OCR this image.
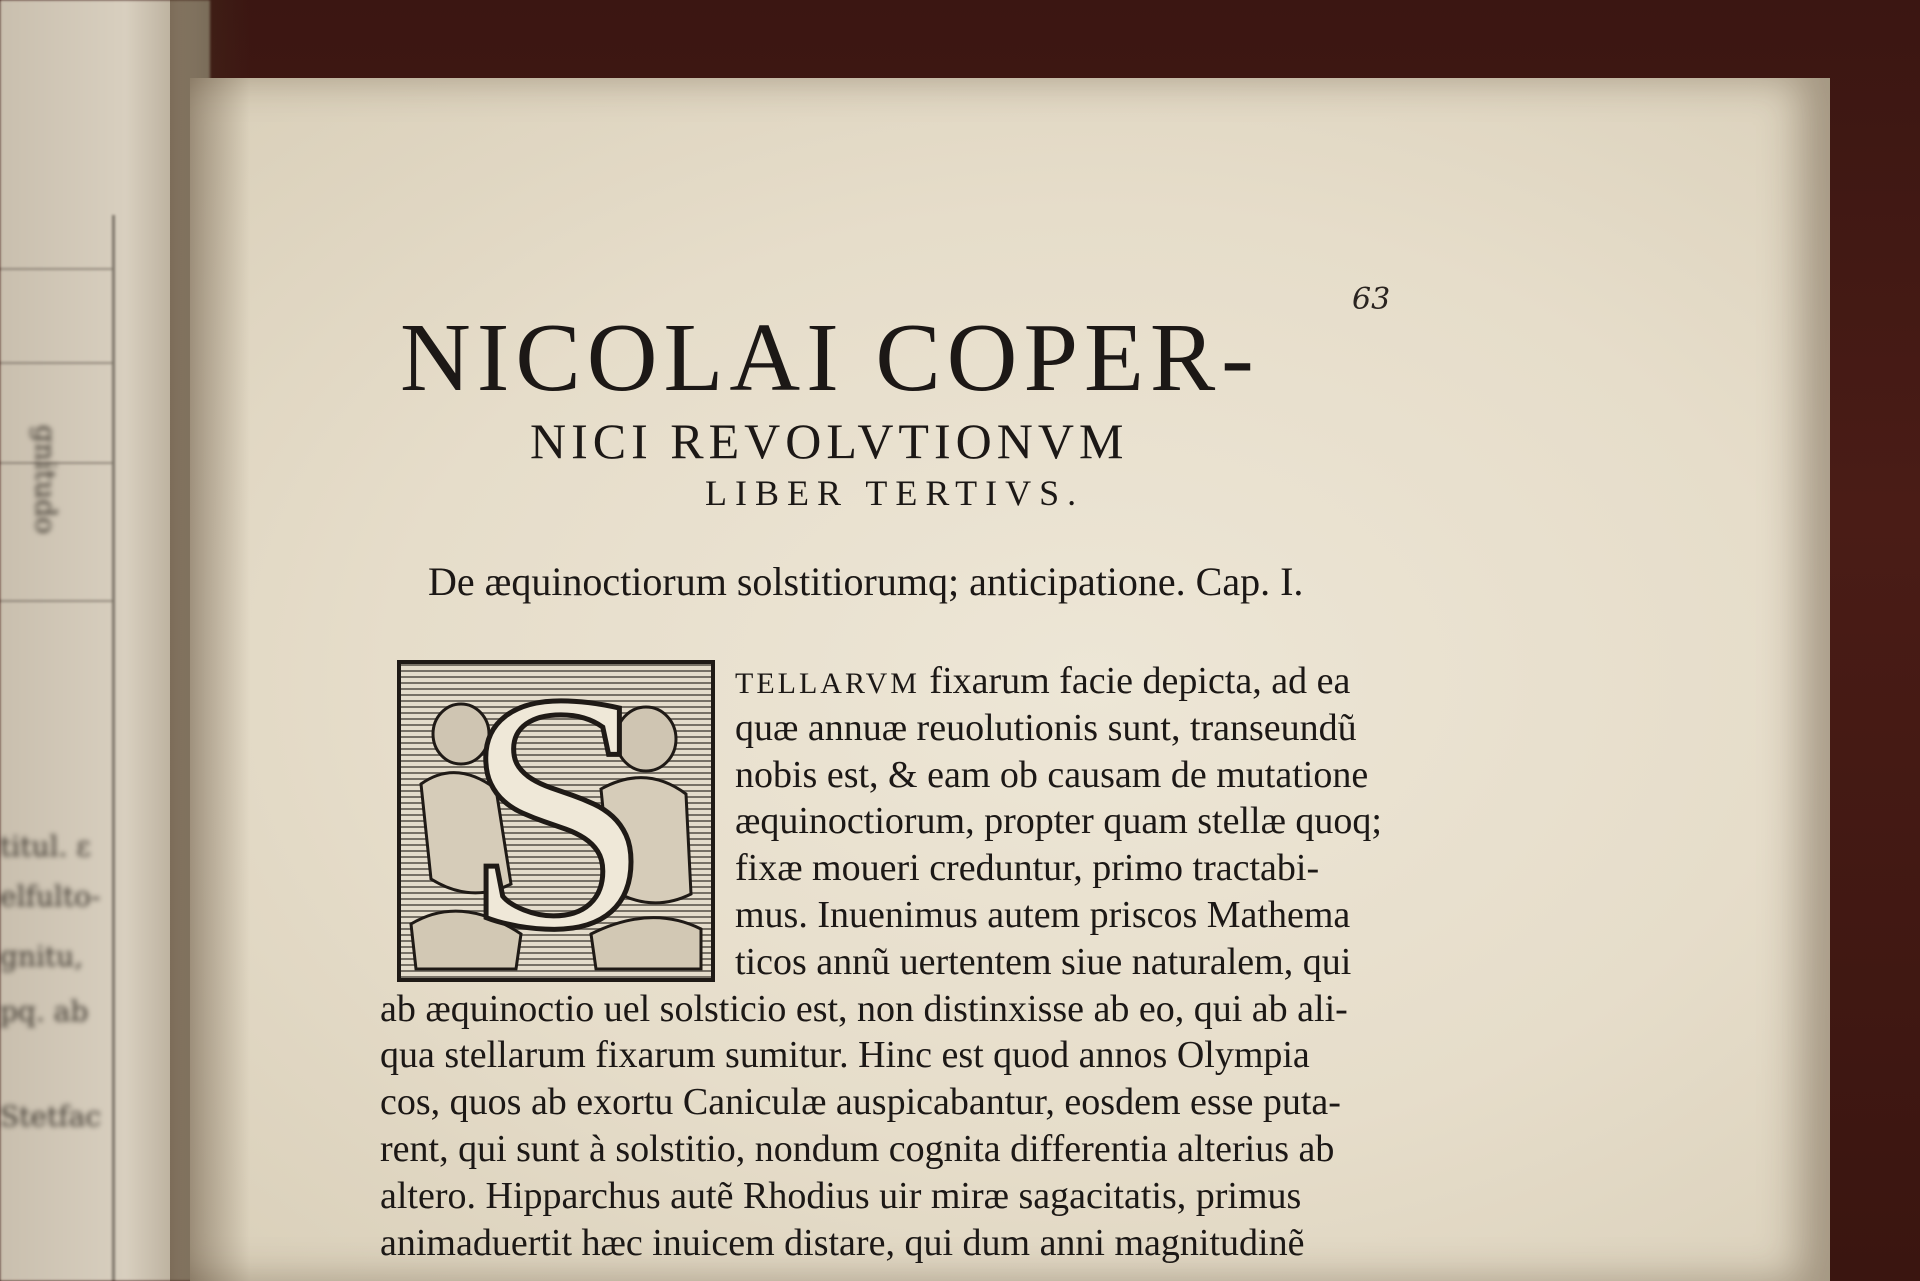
gnitudo
titul. ε
elfulto-
gnitu,
pq. ab
Stetfac
63
NICOLAI COPER-
NICI REVOLVTIONVM
LIBER TERTIVS.
De æquinoctiorum solstitiorumq; anticipatione. Cap. I.
S	TELLARVM fixarum facie depicta, ad ea
quæ annuæ reuolutionis sunt, transeundũ
nobis est, & eam ob causam de mutatione
æquinoctiorum, propter quam stellæ quoq;
fixæ moueri creduntur, primo tractabi-
mus. Inuenimus autem priscos Mathema
ticos annũ uertentem siue naturalem, qui
ab æquinoctio uel solsticio est, non distinxisse ab eo, qui ab ali-
qua stellarum fixarum sumitur. Hinc est quod annos Olympia
cos, quos ab exortu Caniculæ auspicabantur, eosdem esse puta-
rent, qui sunt à solstitio, nondum cognita differentia alterius ab
altero. Hipparchus autẽ Rhodius uir miræ sagacitatis, primus
animaduertit hæc inuicem distare, qui dum anni magnitudinẽ
